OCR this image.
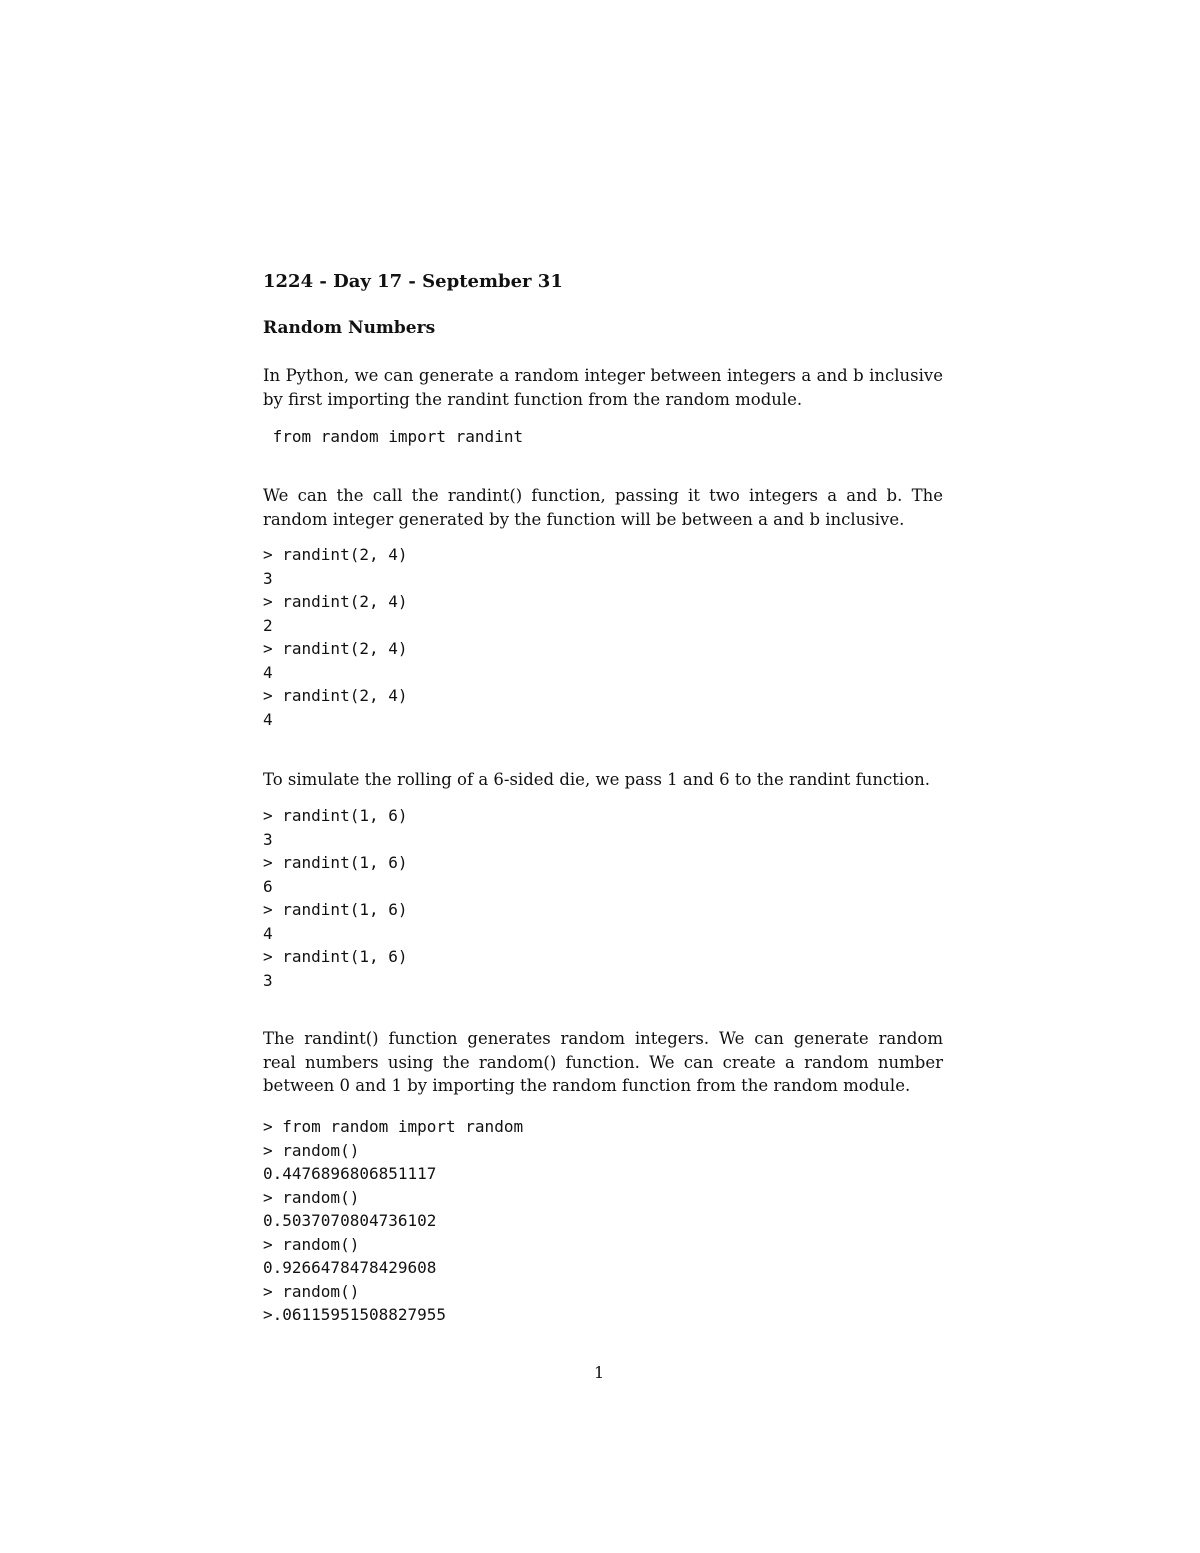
1224 - Day 17 - September 31
Random Numbers
In Python, we can generate a random integer between integers a and b inclusive
by first importing the randint function from the random module.
from random import randint
We can the call the randint() function, passing it two integers a and b. The
random integer generated by the function will be between a and b inclusive.
> randint(2, 4)
3
> randint(2, 4)
2
> randint(2, 4)
4
> randint(2, 4)
4
To simulate the rolling of a 6-sided die, we pass 1 and 6 to the randint function.
> randint(1, 6)
3
> randint(1, 6)
6
> randint(1, 6)
4
> randint(1, 6)
3
The randint() function generates random integers. We can generate random
real numbers using the random() function. We can create a random number
between 0 and 1 by importing the random function from the random module.
> from random import random
> random()
0.4476896806851117
> random()
0.5037070804736102
> random()
0.9266478478429608
> random()
>.06115951508827955
1
